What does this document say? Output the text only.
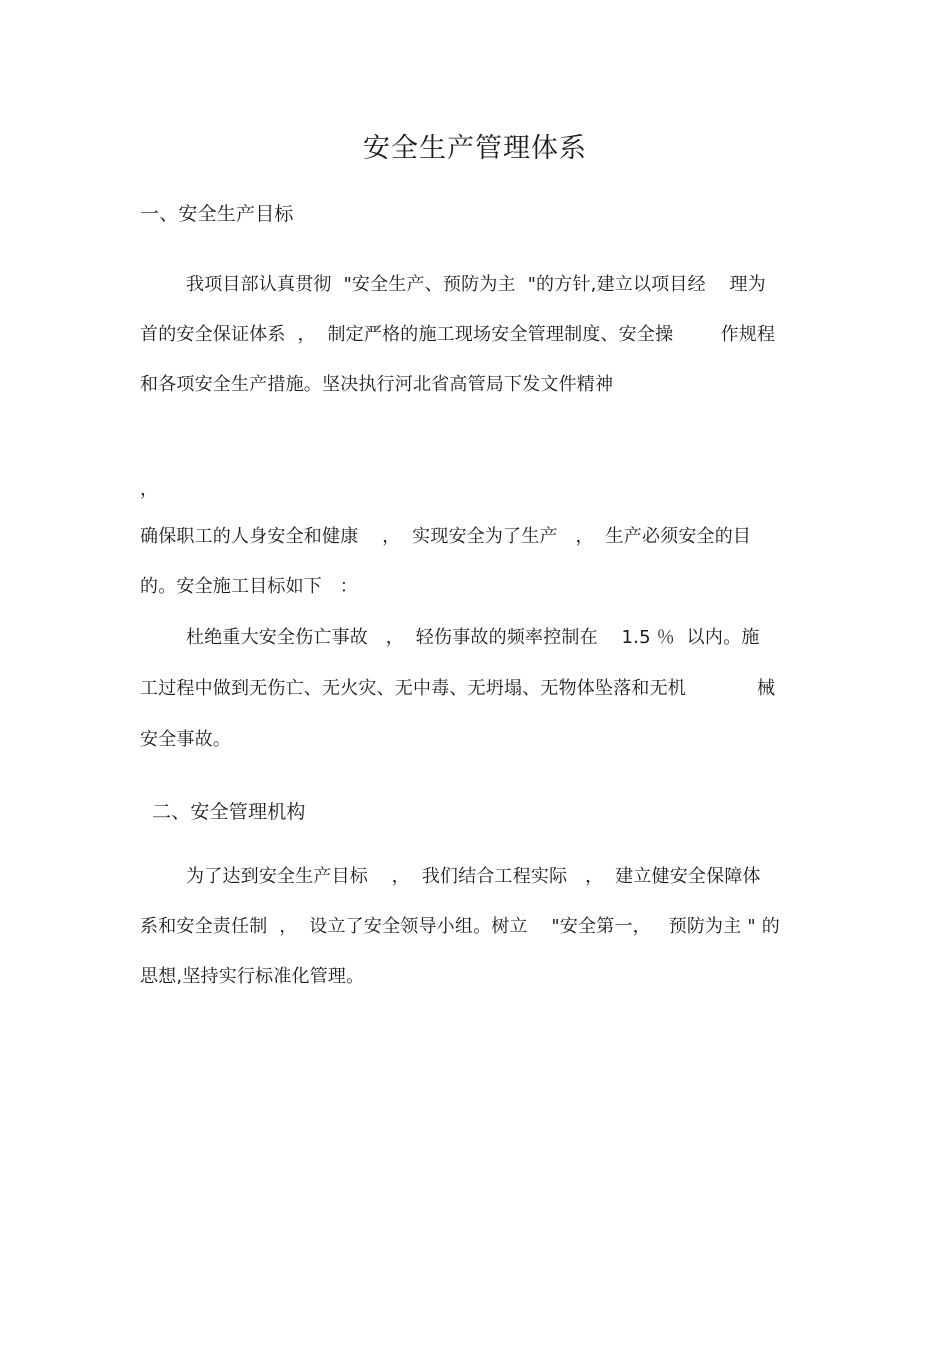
安全生产管理体系
一、安全生产目标
我项目部认真贯彻  "安全生产、预防为主  "的方针,建立以项目经    理为
首的安全保证体系  ，  制定严格的施工现场安全管理制度、安全操        作规程
和各项安全生产措施。坚决执行河北省高管局下发文件精神
，
确保职工的人身安全和健康    ，  实现安全为了生产   ，  生产必须安全的目
的。安全施工目标如下   ：
杜绝重大安全伤亡事故   ，  轻伤事故的频率控制在    1.5 ％  以内。施
工过程中做到无伤亡、无火灾、无中毒、无坍塌、无物体坠落和无机            械
安全事故。
二、安全管理机构
为了达到安全生产目标    ，  我们结合工程实际   ，  建立健安全保障体
系和安全责任制  ，  设立了安全领导小组。树立    "安全第一，   预防为主 " 的
思想,坚持实行标准化管理。
